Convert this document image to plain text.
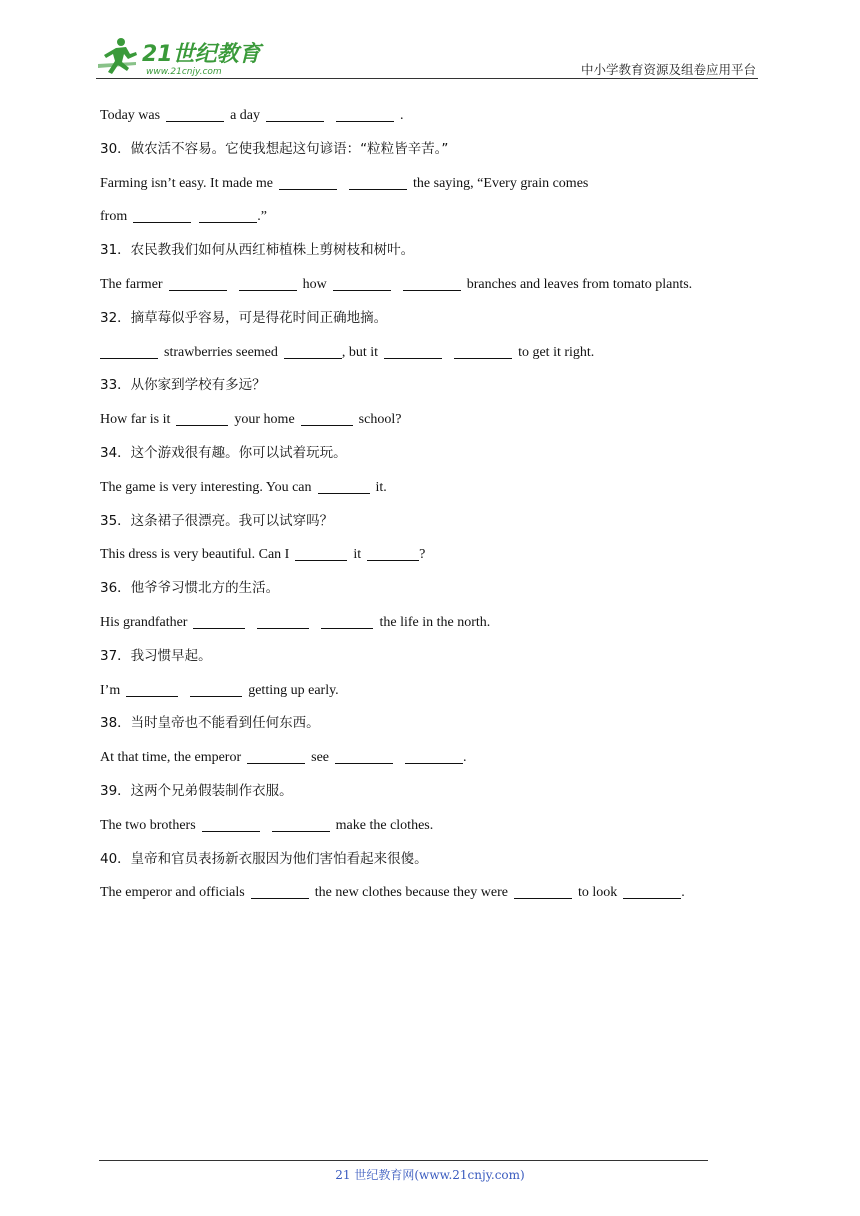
21世纪教育
www.21cnjy.com	中小学教育资源及组卷应用平台
Today was	a day	.
30．做农活不容易。它使我想起这句谚语：“粒粒皆辛苦。”
Farming isn’t easy. It made me	the saying, “Every grain comes
from	.”
31．农民教我们如何从西红柿植株上剪树枝和树叶。
The farmer	how	branches and leaves from tomato plants.
32．摘草莓似乎容易，可是得花时间正确地摘。
strawberries seemed	, but it	to get it right.
33．从你家到学校有多远？
How far is it	your home	school?
34．这个游戏很有趣。你可以试着玩玩。
The game is very interesting. You can	it.
35．这条裙子很漂亮。我可以试穿吗？
This dress is very beautiful. Can I	it	?
36．他爷爷习惯北方的生活。
His grandfather	the life in the north.
37．我习惯早起。
I’m	getting up early.
38．当时皇帝也不能看到任何东西。
At that time, the emperor	see	.
39．这两个兄弟假装制作衣服。
The two brothers	make the clothes.
40．皇帝和官员表扬新衣服因为他们害怕看起来很傻。
The emperor and officials	the new clothes because they were	to look	.
21 世纪教育网(www.21cnjy.com)
